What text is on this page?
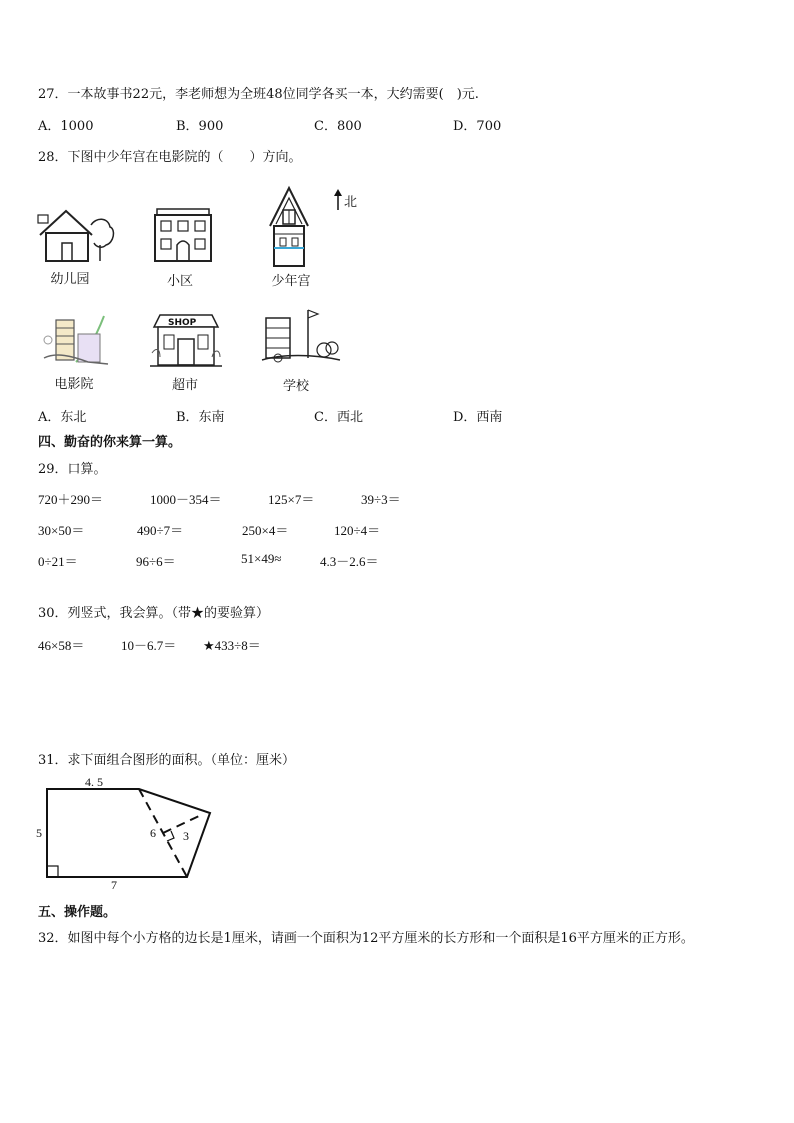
27．一本故事书22元，李老师想为全班48位同学各买一本，大约需要(　)元.
A．1000	B．900	C．800	D．700
28．下图中少年宫在电影院的（　　）方向。
北
幼儿园	小区	少年宫
电影院
SHOP
超市	学校
A．东北	B．东南	C．西北	D．西南
四、勤奋的你来算一算。
29．口算。
720＋290＝	1000－354＝	125×7＝	39÷3＝
30×50＝	490÷7＝	250×4＝	120÷4＝
0÷21＝	96÷6＝	51×49≈	4.3－2.6＝
30．列竖式，我会算。（带★的要验算）
46×58＝	10－6.7＝ ★433÷8＝
31．求下面组合图形的面积。（单位：厘米）
4. 5
5
7
6 3
五、操作题。
32．如图中每个小方格的边长是1厘米，请画一个面积为12平方厘米的长方形和一个面积是16平方厘米的正方形。
